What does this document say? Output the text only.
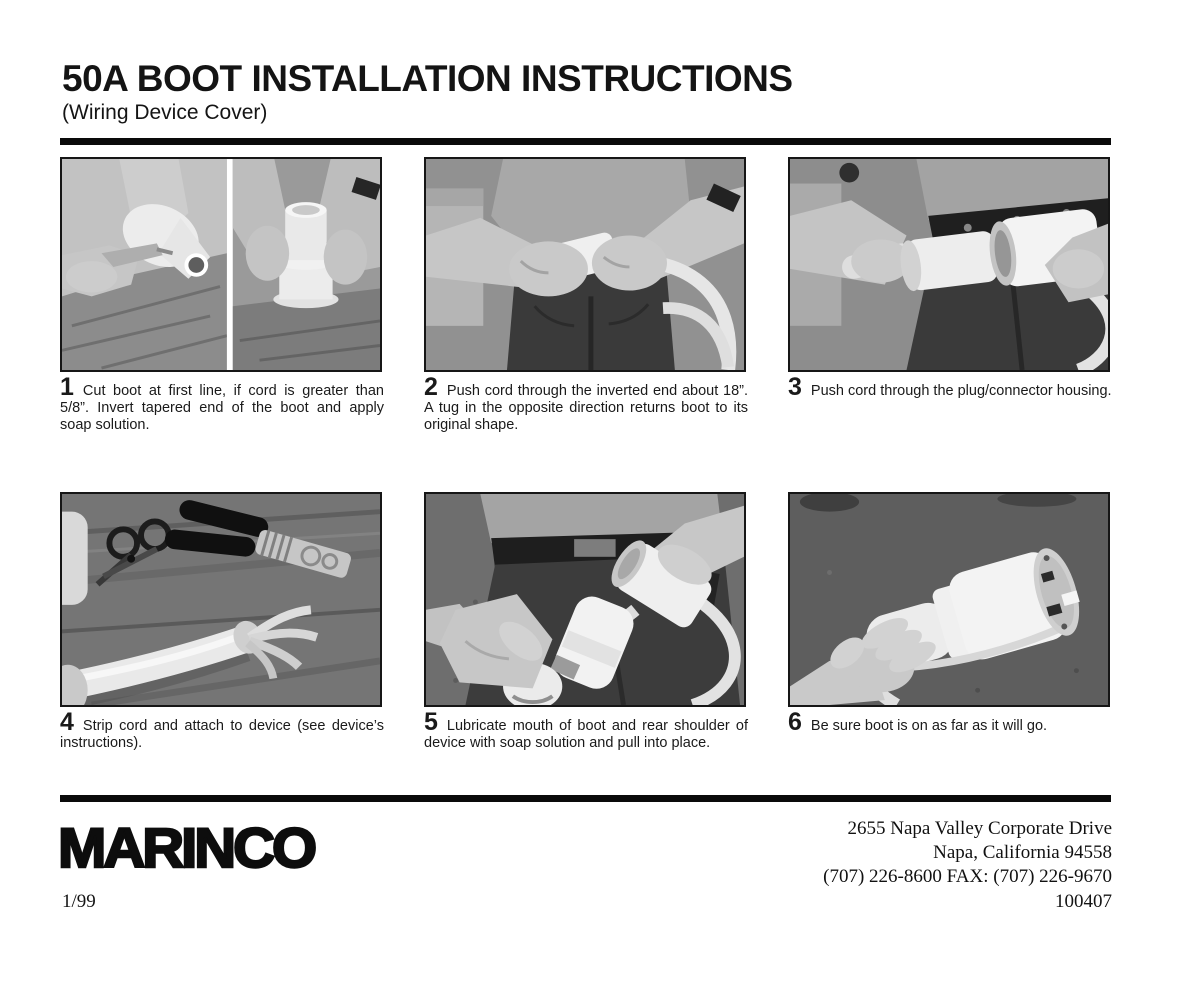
50A BOOT INSTALLATION INSTRUCTIONS
(Wiring Device Cover)
1 Cut boot at first line, if cord is greater than 5/8”. Invert tapered end of the boot and apply soap solution.
2 Push cord through the inverted end about 18”. A tug in the opposite direction returns boot to its original shape.
3 Push cord through the plug/connector housing.
4 Strip cord and attach to device (see device’s instructions).
5 Lubricate mouth of boot and rear shoulder of device with soap solution and pull into place.
6 Be sure boot is on as far as it will go.
MARINCO	2655 Napa Valley Corporate Drive
Napa, California 94558
(707) 226-8600 FAX: (707) 226-9670
1/99	100407
